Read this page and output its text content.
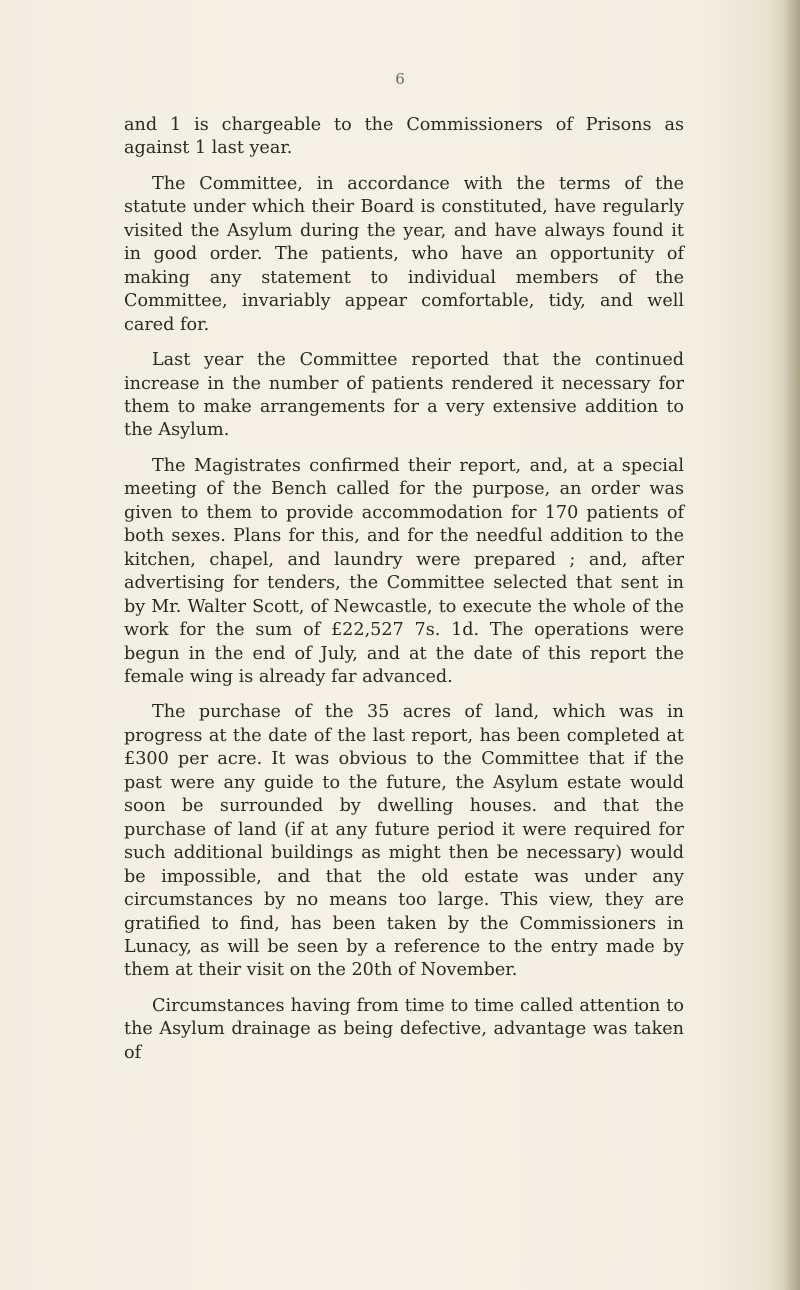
6

and 1 is chargeable to the Commissioners of Prisons as against 1 last year.

The Committee, in accordance with the terms of the statute under which their Board is constituted, have regularly visited the Asylum during the year, and have always found it in good order. The patients, who have an opportunity of making any statement to individual members of the Committee, invariably appear comfortable, tidy, and well cared for.

Last year the Committee reported that the continued increase in the number of patients rendered it necessary for them to make arrangements for a very extensive addition to the Asylum.

The Magistrates confirmed their report, and, at a special meeting of the Bench called for the purpose, an order was given to them to provide accommodation for 170 patients of both sexes. Plans for this, and for the needful addition to the kitchen, chapel, and laundry were prepared ; and, after advertising for tenders, the Committee selected that sent in by Mr. Walter Scott, of Newcastle, to execute the whole of the work for the sum of £22,527 7s. 1d. The operations were begun in the end of July, and at the date of this report the female wing is already far advanced.

The purchase of the 35 acres of land, which was in progress at the date of the last report, has been completed at £300 per acre. It was obvious to the Committee that if the past were any guide to the future, the Asylum estate would soon be surrounded by dwelling houses. and that the purchase of land (if at any future period it were required for such additional buildings as might then be necessary) would be impossible, and that the old estate was under any circumstances by no means too large. This view, they are gratified to find, has been taken by the Commissioners in Lunacy, as will be seen by a reference to the entry made by them at their visit on the 20th of November.

Circumstances having from time to time called attention to the Asylum drainage as being defective, advantage was taken of
